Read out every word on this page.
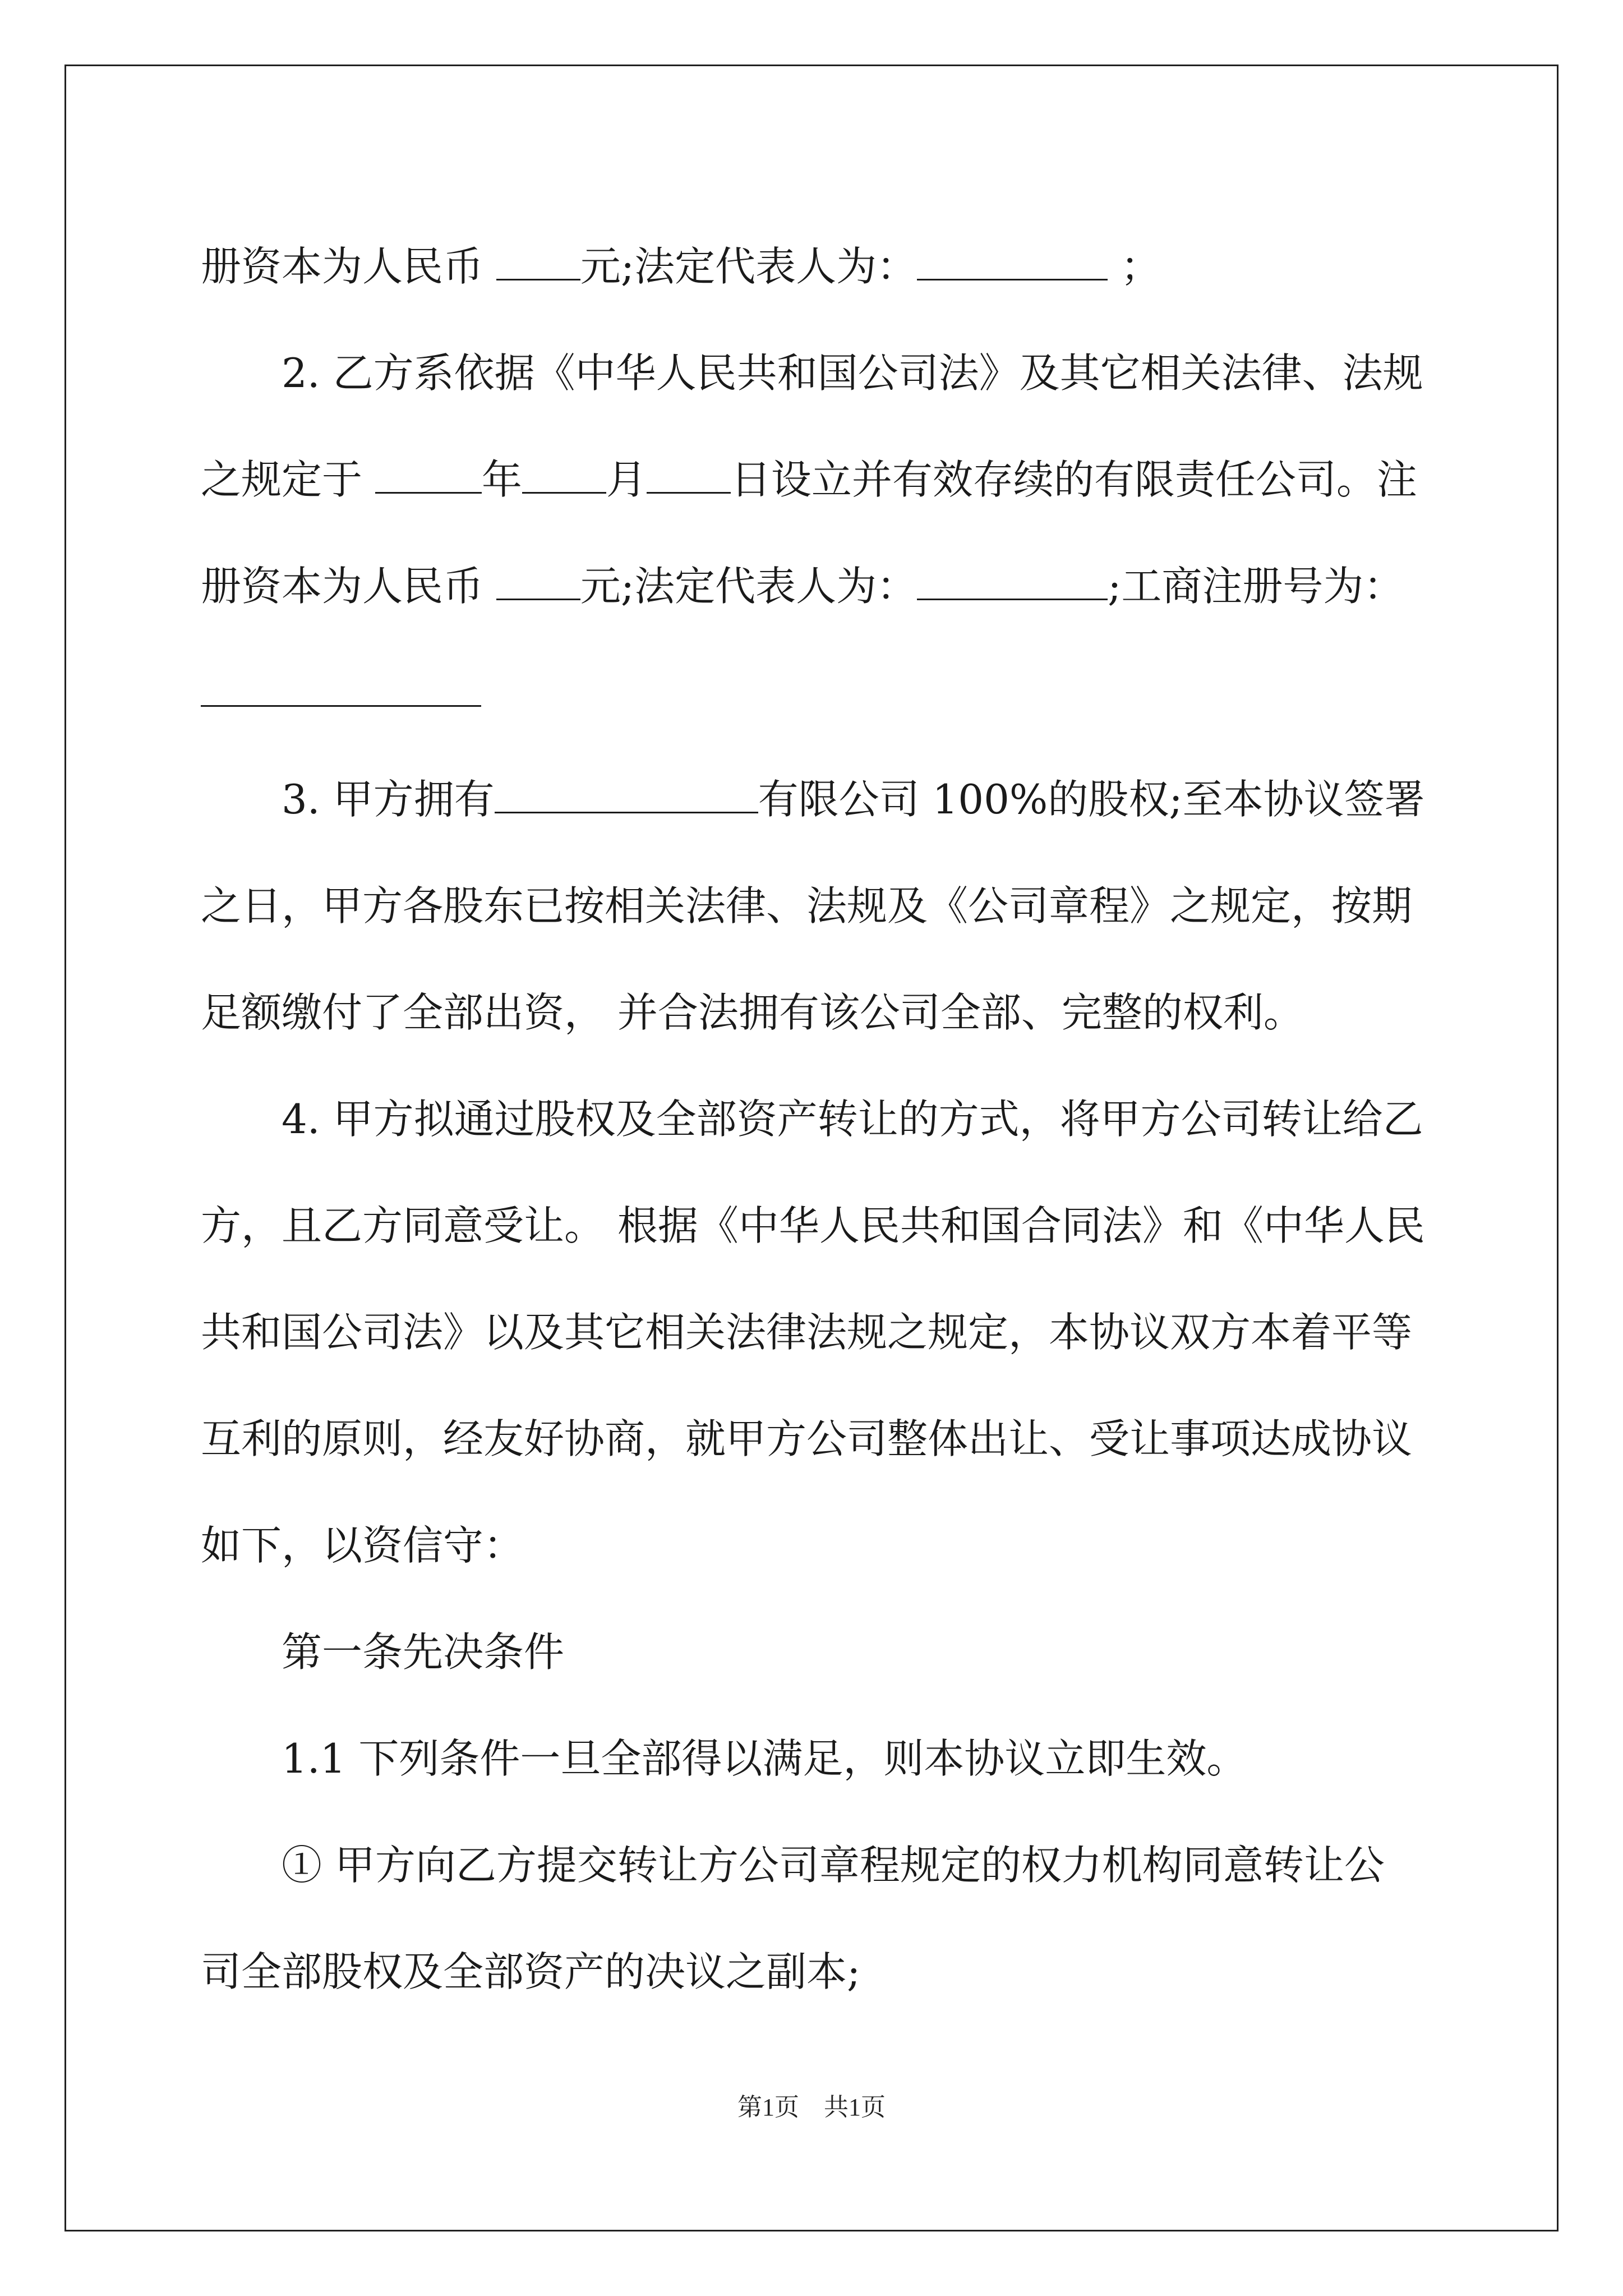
册资本为人民币 元;法定代表人为：	；
2. 乙方系依据《中华人民共和国公司法》及其它相关法律、法规
之规定于	年 月 日设立并有效存续的有限责任公司。注
册资本为人民币 元;法定代表人为：	;工商注册号为：
3. 甲方拥有	有限公司 100%的股权;至本协议签署
之日，甲方各股东已按相关法律、法规及《公司章程》之规定，按期
足额缴付了全部出资， 并合法拥有该公司全部、完整的权利。
4. 甲方拟通过股权及全部资产转让的方式，将甲方公司转让给乙
方，且乙方同意受让。 根据《中华人民共和国合同法》和《中华人民
共和国公司法》以及其它相关法律法规之规定，本协议双方本着平等
互利的原则，经友好协商，就甲方公司整体出让、受让事项达成协议
如下，以资信守：
第一条先决条件
1.1 下列条件一旦全部得以满足，则本协议立即生效。
① 甲方向乙方提交转让方公司章程规定的权力机构同意转让公
司全部股权及全部资产的决议之副本;
第1页　共1页
